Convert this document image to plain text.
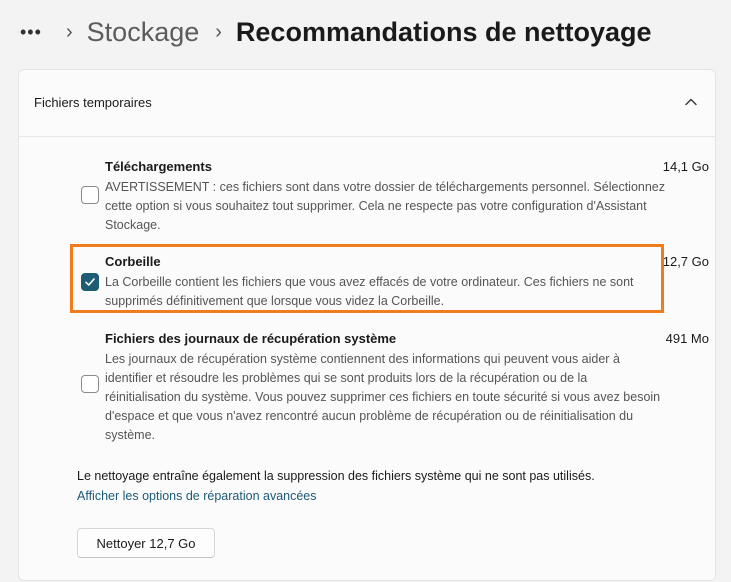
•••	› Stockage › Recommandations de nettoyage
Fichiers temporaires
Téléchargements	14,1 Go
AVERTISSEMENT : ces fichiers sont dans votre dossier de téléchargements personnel. Sélectionnez cette option si vous souhaitez tout supprimer. Cela ne respecte pas votre configuration d'Assistant Stockage.
Corbeille	12,7 Go
La Corbeille contient les fichiers que vous avez effacés de votre ordinateur. Ces fichiers ne sont supprimés définitivement que lorsque vous videz la Corbeille.
Fichiers des journaux de récupération système	491 Mo
Les journaux de récupération système contiennent des informations qui peuvent vous aider à identifier et résoudre les problèmes qui se sont produits lors de la récupération ou de la réinitialisation du système. Vous pouvez supprimer ces fichiers en toute sécurité si vous avez besoin d'espace et que vous n'avez rencontré aucun problème de récupération ou de réinitialisation du système.
Le nettoyage entraîne également la suppression des fichiers système qui ne sont pas utilisés.
Afficher les options de réparation avancées
Nettoyer 12,7 Go
